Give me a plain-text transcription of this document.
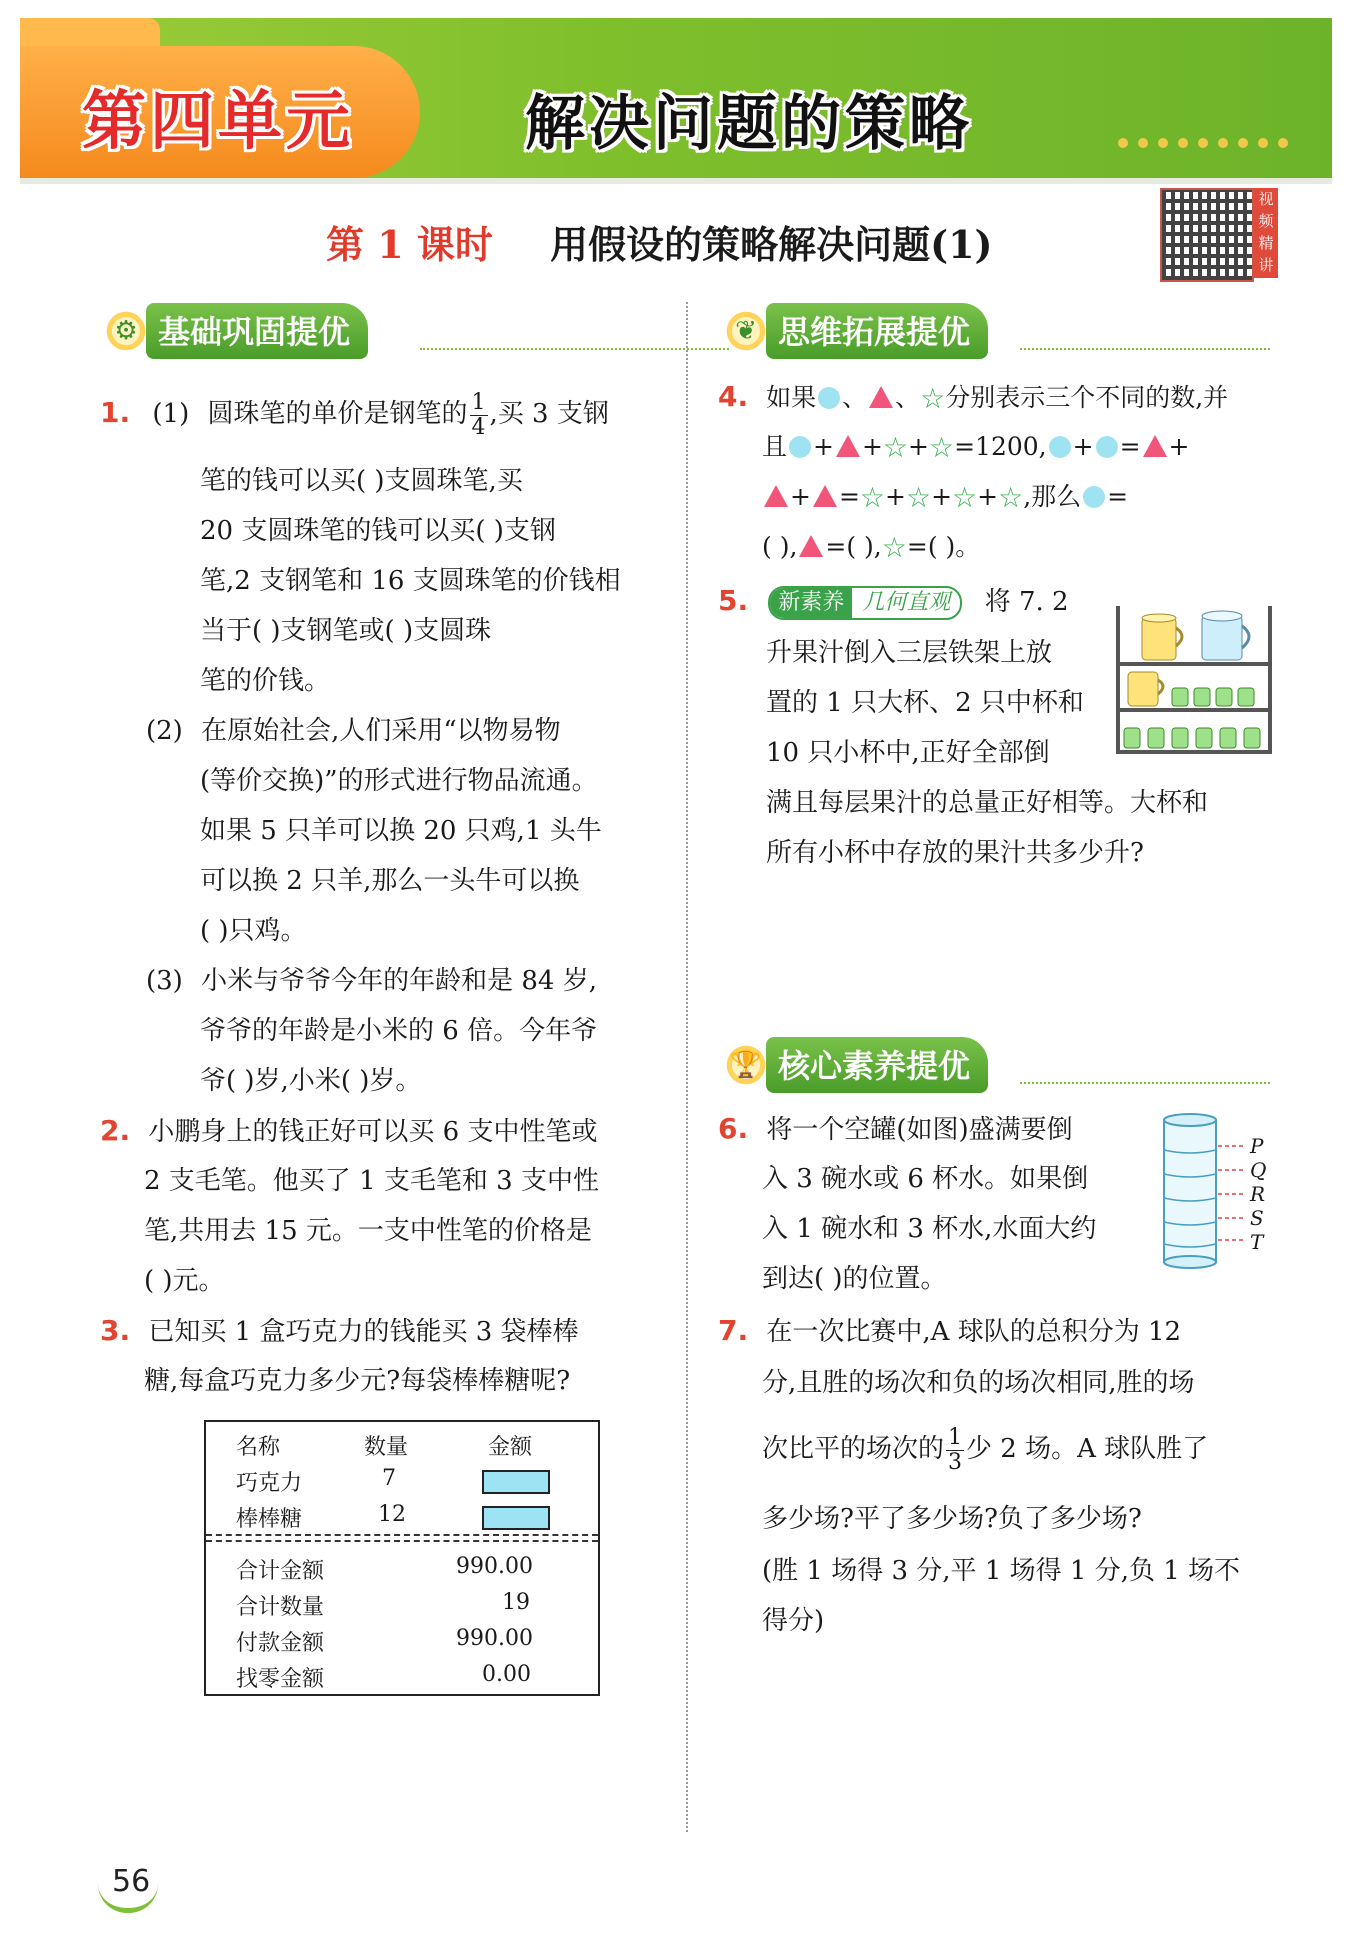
第四单元	解决问题的策略
第 1 课时 用假设的策略解决问题(1)
视频精讲
⚙ 基础巩固提优
1. (1) 圆珠笔的单价是钢笔的 $\frac{1}{4}$ ,买 3 支钢
笔的钱可以买( )支圆珠笔,买
20 支圆珠笔的钱可以买( )支钢
笔,2 支钢笔和 16 支圆珠笔的价钱相
当于( )支钢笔或( )支圆珠
笔的价钱。
(2) 在原始社会,人们采用“以物易物
(等价交换)”的形式进行物品流通。
如果 5 只羊可以换 20 只鸡,1 头牛
可以换 2 只羊,那么一头牛可以换
( )只鸡。
(3) 小米与爷爷今年的年龄和是 84 岁,
爷爷的年龄是小米的 6 倍。今年爷
爷( )岁,小米( )岁。
2. 小鹏身上的钱正好可以买 6 支中性笔或
2 支毛笔。他买了 1 支毛笔和 3 支中性
笔,共用去 15 元。一支中性笔的价格是
( )元。
3. 已知买 1 盒巧克力的钱能买 3 袋棒棒
糖,每盒巧克力多少元?每袋棒棒糖呢?
名称	数量	金额
巧克力	7
棒棒糖	12
合计金额	990.00
合计数量	19
付款金额	990.00
找零金额	0.00
❦ 思维拓展提优
4. 如果 、 、☆分别表示三个不同的数,并
且 + +☆+☆=1200, + = +
+ =☆+☆+☆+☆,那么 =
( ), =( ),☆=( )。
5. 新素养 几何直观 将 7. 2
升果汁倒入三层铁架上放
置的 1 只大杯、2 只中杯和
10 只小杯中,正好全部倒
满且每层果汁的总量正好相等。大杯和
所有小杯中存放的果汁共多少升?
🏆 核心素养提优
6. 将一个空罐(如图)盛满要倒
入 3 碗水或 6 杯水。如果倒
入 1 碗水和 3 杯水,水面大约
到达( )的位置。
P
Q
R
S
T
7. 在一次比赛中,A 球队的总积分为 12
分,且胜的场次和负的场次相同,胜的场
次比平的场次的 $\frac{1}{3}$ 少 2 场。A 球队胜了
多少场?平了多少场?负了多少场?
(胜 1 场得 3 分,平 1 场得 1 分,负 1 场不
得分)
56
